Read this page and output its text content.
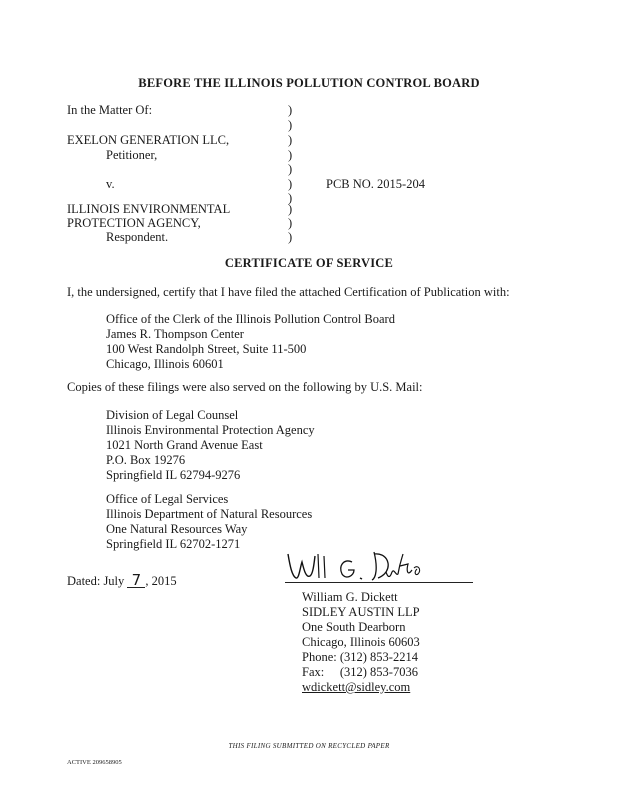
BEFORE THE ILLINOIS POLLUTION CONTROL BOARD
In the Matter Of:	)
)
EXELON GENERATION LLC,	)
Petitioner,	)
)
v.	)	PCB NO. 2015-204
)
ILLINOIS ENVIRONMENTAL	)
PROTECTION AGENCY,	)
Respondent.	)
CERTIFICATE OF SERVICE
I, the undersigned, certify that I have filed the attached Certification of Publication with:
Office of the Clerk of the Illinois Pollution Control Board
James R. Thompson Center
100 West Randolph Street, Suite 11-500
Chicago, Illinois 60601
Copies of these filings were also served on the following by U.S. Mail:
Division of Legal Counsel
Illinois Environmental Protection Agency
1021 North Grand Avenue East
P.O. Box 19276
Springfield IL 62794-9276
Office of Legal Services
Illinois Department of Natural Resources
One Natural Resources Way
Springfield IL 62702-1271
Dated: July 7 , 2015
William G. Dickett
SIDLEY AUSTIN LLP
One South Dearborn
Chicago, Illinois 60603
Phone: (312) 853-2214
Fax:     (312) 853-7036
wdickett@sidley.com
THIS FILING SUBMITTED ON RECYCLED PAPER
ACTIVE 209658905
